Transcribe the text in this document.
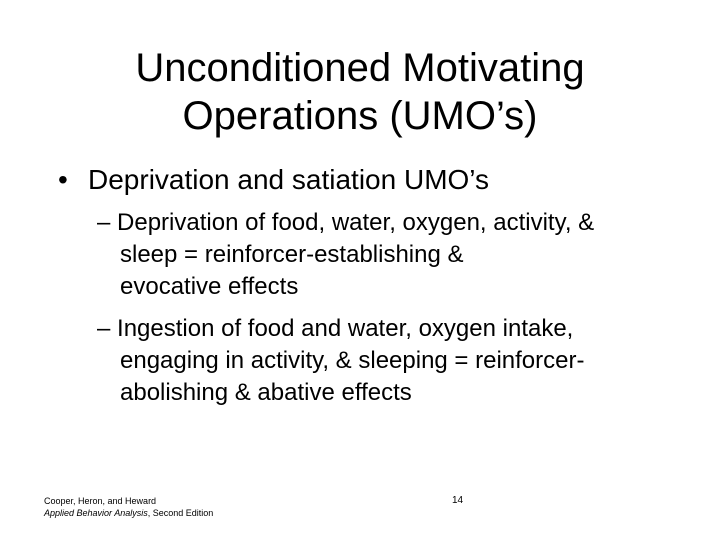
Unconditioned Motivating
Operations (UMO’s)
• Deprivation and satiation UMO’s
– Deprivation of food, water, oxygen, activity, &
sleep = reinforcer-establishing &
evocative effects
– Ingestion of food and water, oxygen intake,
engaging in activity, & sleeping = reinforcer-
abolishing & abative effects
Cooper, Heron, and Heward
Applied Behavior Analysis, Second Edition
14
